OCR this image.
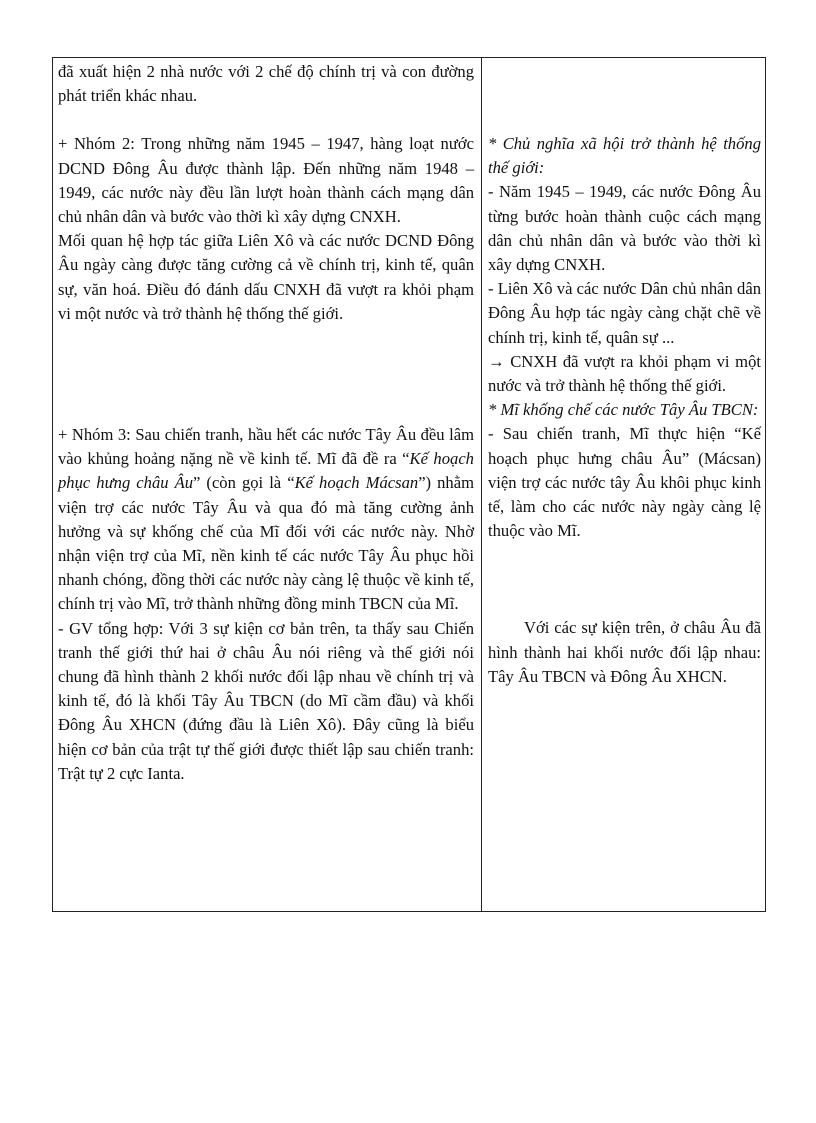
đã xuất hiện 2 nhà nước với 2 chế độ chính trị và con đường phát triển khác nhau.

+ Nhóm 2: Trong những năm 1945 – 1947, hàng loạt nước DCND Đông Âu được thành lập. Đến những năm 1948 – 1949, các nước này đều lần lượt hoàn thành cách mạng dân chủ nhân dân và bước vào thời kì xây dựng CNXH.

Mối quan hệ hợp tác giữa Liên Xô và các nước DCND Đông Âu ngày càng được tăng cường cả về chính trị, kinh tế, quân sự, văn hoá. Điều đó đánh dấu CNXH đã vượt ra khỏi phạm vi một nước và trở thành hệ thống thế giới.

+ Nhóm 3: Sau chiến tranh, hầu hết các nước Tây Âu đều lâm vào khủng hoảng nặng nề về kinh tế. Mĩ đã đề ra “Kế hoạch phục hưng châu Âu” (còn gọi là “Kế hoạch Mácsan”) nhằm viện trợ các nước Tây Âu và qua đó mà tăng cường ảnh hưởng và sự khống chế của Mĩ đối với các nước này. Nhờ nhận viện trợ của Mĩ, nền kinh tế các nước Tây Âu phục hồi nhanh chóng, đồng thời các nước này càng lệ thuộc về kinh tế, chính trị vào Mĩ, trở thành những đồng minh TBCN của Mĩ.

- GV tổng hợp: Với 3 sự kiện cơ bản trên, ta thấy sau Chiến tranh thế giới thứ hai ở châu Âu nói riêng và thế giới nói chung đã hình thành 2 khối nước đối lập nhau về chính trị và kinh tế, đó là khối Tây Âu TBCN (do Mĩ cầm đầu) và khối Đông Âu XHCN (đứng đầu là Liên Xô). Đây cũng là biểu hiện cơ bản của trật tự thế giới được thiết lập sau chiến tranh: Trật tự 2 cực Ianta.

* Chủ nghĩa xã hội trở thành hệ thống thế giới:

- Năm 1945 – 1949, các nước Đông Âu từng bước hoàn thành cuộc cách mạng dân chủ nhân dân và bước vào thời kì xây dựng CNXH.

- Liên Xô và các nước Dân chủ nhân dân Đông Âu hợp tác ngày càng chặt chẽ về chính trị, kinh tế, quân sự ...

→ CNXH đã vượt ra khỏi phạm vi một nước và trở thành hệ thống thế giới.

* Mĩ khống chế các nước Tây Âu TBCN:

- Sau chiến tranh, Mĩ thực hiện “Kế hoạch phục hưng châu Âu” (Mácsan) viện trợ các nước tây Âu khôi phục kinh tế, làm cho các nước này ngày càng lệ thuộc vào Mĩ.

Với các sự kiện trên, ở châu Âu đã hình thành hai khối nước đối lập nhau: Tây Âu TBCN và Đông Âu XHCN.
